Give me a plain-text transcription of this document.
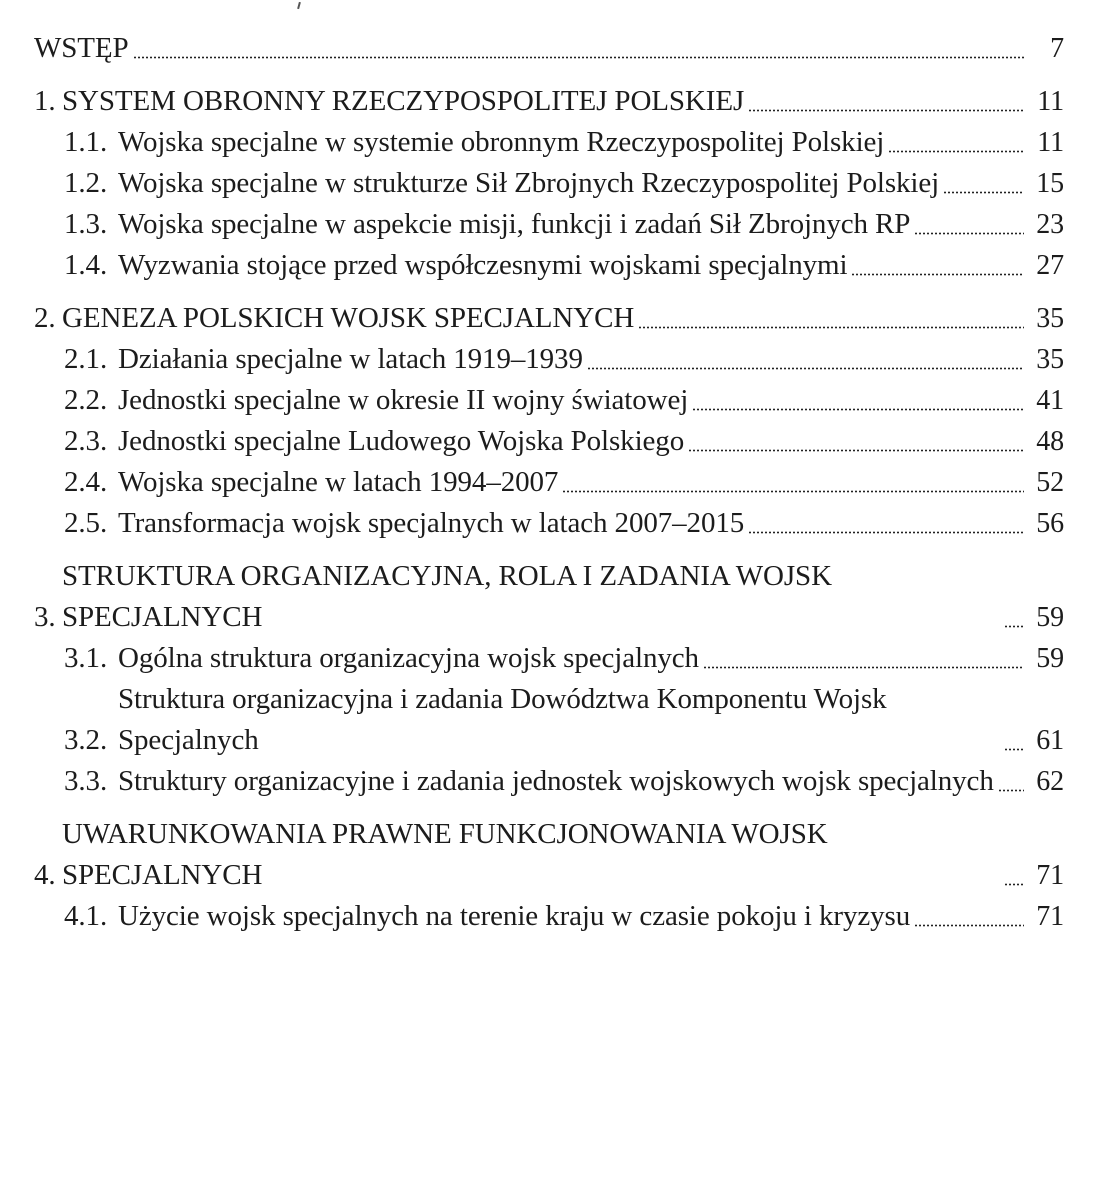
WSTĘP	7
1. SYSTEM OBRONNY RZECZYPOSPOLITEJ POLSKIEJ	11
1.1. Wojska specjalne w systemie obronnym Rzeczypospolitej Polskiej	11
1.2. Wojska specjalne w strukturze Sił Zbrojnych Rzeczypospolitej Polskiej	15
1.3. Wojska specjalne w aspekcie misji, funkcji i zadań Sił Zbrojnych RP	23
1.4. Wyzwania stojące przed współczesnymi wojskami specjalnymi	27
2. GENEZA POLSKICH WOJSK SPECJALNYCH	35
2.1. Działania specjalne w latach 1919–1939	35
2.2. Jednostki specjalne w okresie II wojny światowej	41
2.3. Jednostki specjalne Ludowego Wojska Polskiego	48
2.4. Wojska specjalne w latach 1994–2007	52
2.5. Transformacja wojsk specjalnych w latach 2007–2015	56
3.
STRUKTURA ORGANIZACYJNA, ROLA I ZADANIA WOJSK SPECJALNYCH	59
3.1. Ogólna struktura organizacyjna wojsk specjalnych	59
3.2.
Struktura organizacyjna i zadania Dowództwa Komponentu Wojsk Specjalnych	61
3.3. Struktury organizacyjne i zadania jednostek wojskowych wojsk specjalnych 62
4.
UWARUNKOWANIA PRAWNE FUNKCJONOWANIA WOJSK SPECJALNYCH	71
4.1. Użycie wojsk specjalnych na terenie kraju w czasie pokoju i kryzysu	71
